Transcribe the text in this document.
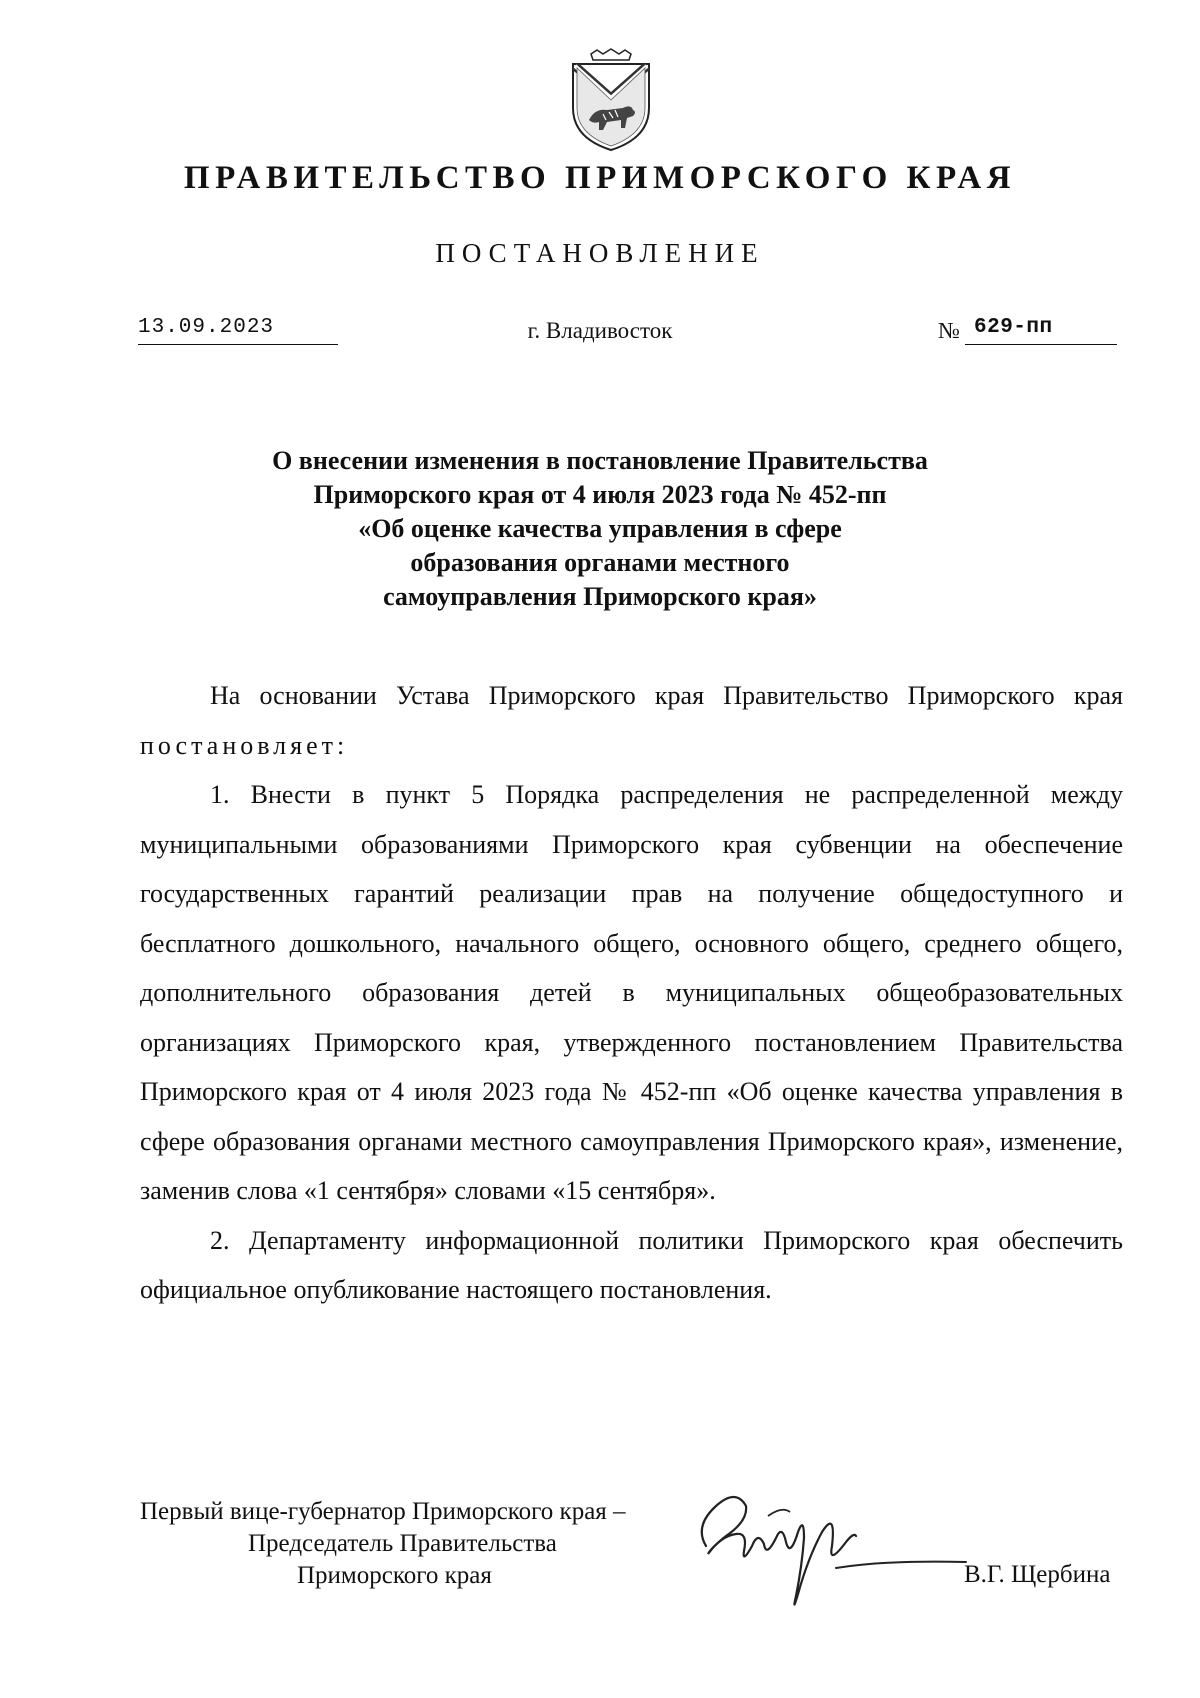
ПРАВИТЕЛЬСТВО ПРИМОРСКОГО КРАЯ
ПОСТАНОВЛЕНИЕ
13.09.2023	г. Владивосток	№ 629-пп
О внесении изменения в постановление Правительства
Приморского края от 4 июля 2023 года № 452-пп
«Об оценке качества управления в сфере
образования органами местного
самоуправления Приморского края»

На основании Устава Приморского края Правительство Приморского края постановляет:

1. Внести в пункт 5 Порядка распределения не распределенной между муниципальными образованиями Приморского края субвенции на обеспечение государственных гарантий реализации прав на получение общедоступного и бесплатного дошкольного, начального общего, основного общего, среднего общего, дополнительного образования детей в муниципальных общеобразовательных организациях Приморского края, утвержденного постановлением Правительства Приморского края от 4 июля 2023 года № 452-пп «Об оценке качества управления в сфере образования органами местного самоуправления Приморского края», изменение, заменив слова «1 сентября» словами «15 сентября».

2. Департаменту информационной политики Приморского края обеспечить официальное опубликование настоящего постановления.

Первый вице-губернатор Приморского края –
Председатель Правительства
Приморского края	В.Г. Щербина
